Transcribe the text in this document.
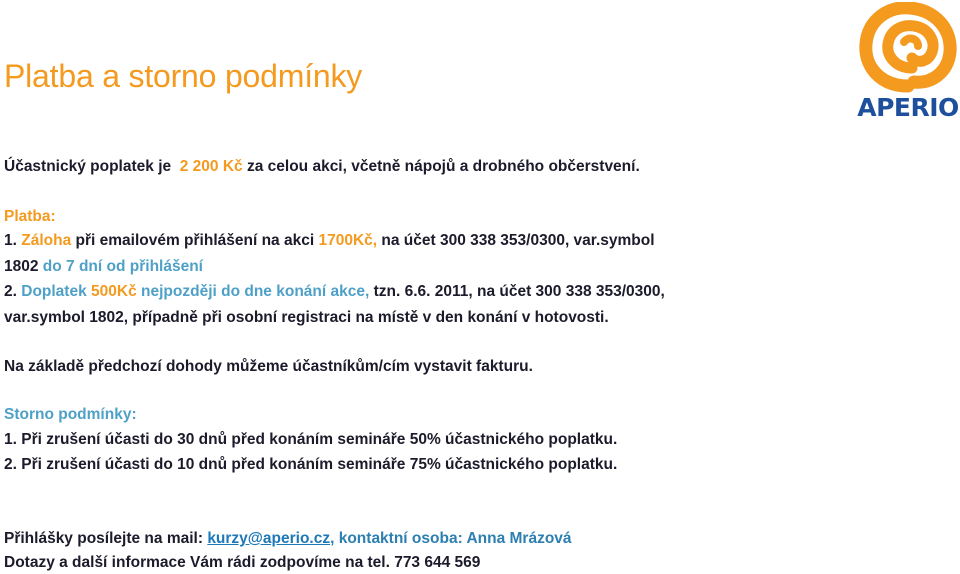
Platba a storno podmínky
APERIO

Účastnický poplatek je 2 200 Kč za celou akci, včetně nápojů a drobného občerstvení.

Platba:

1. Záloha při emailovém přihlášení na akci 1700Kč, na účet 300 338 353/0300, var.symbol

1802 do 7 dní od přihlášení

2. Doplatek 500Kč nejpozději do dne konání akce, tzn. 6.6. 2011, na účet 300 338 353/0300,

var.symbol 1802, případně při osobní registraci na místě v den konání v hotovosti.

Na základě předchozí dohody můžeme účastníkům/cím vystavit fakturu.

Storno podmínky:

1. Při zrušení účasti do 30 dnů před konáním semináře 50% účastnického poplatku.

2. Při zrušení účasti do 10 dnů před konáním semináře 75% účastnického poplatku.

Přihlášky posílejte na mail: kurzy@aperio.cz, kontaktní osoba: Anna Mrázová

Dotazy a další informace Vám rádi zodpovíme na tel. 773 644 569
